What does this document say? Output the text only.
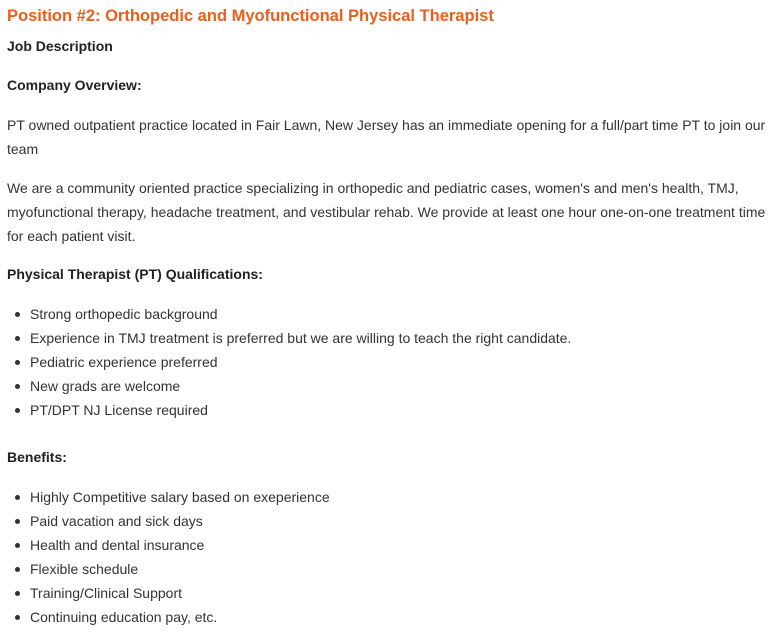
Position #2: Orthopedic and Myofunctional Physical Therapist
Job Description
Company Overview:
PT owned outpatient practice located in Fair Lawn, New Jersey has an immediate opening for a full/part time PT to join our team
We are a community oriented practice specializing in orthopedic and pediatric cases, women's and men's health, TMJ, myofunctional therapy, headache treatment, and vestibular rehab. We provide at least one hour one-on-one treatment time for each patient visit.
Physical Therapist (PT) Qualifications:
Strong orthopedic background
Experience in TMJ treatment is preferred but we are willing to teach the right candidate.
Pediatric experience preferred
New grads are welcome
PT/DPT NJ License required
Benefits:
Highly Competitive salary based on exeperience
Paid vacation and sick days
Health and dental insurance
Flexible schedule
Training/Clinical Support
Continuing education pay, etc.
